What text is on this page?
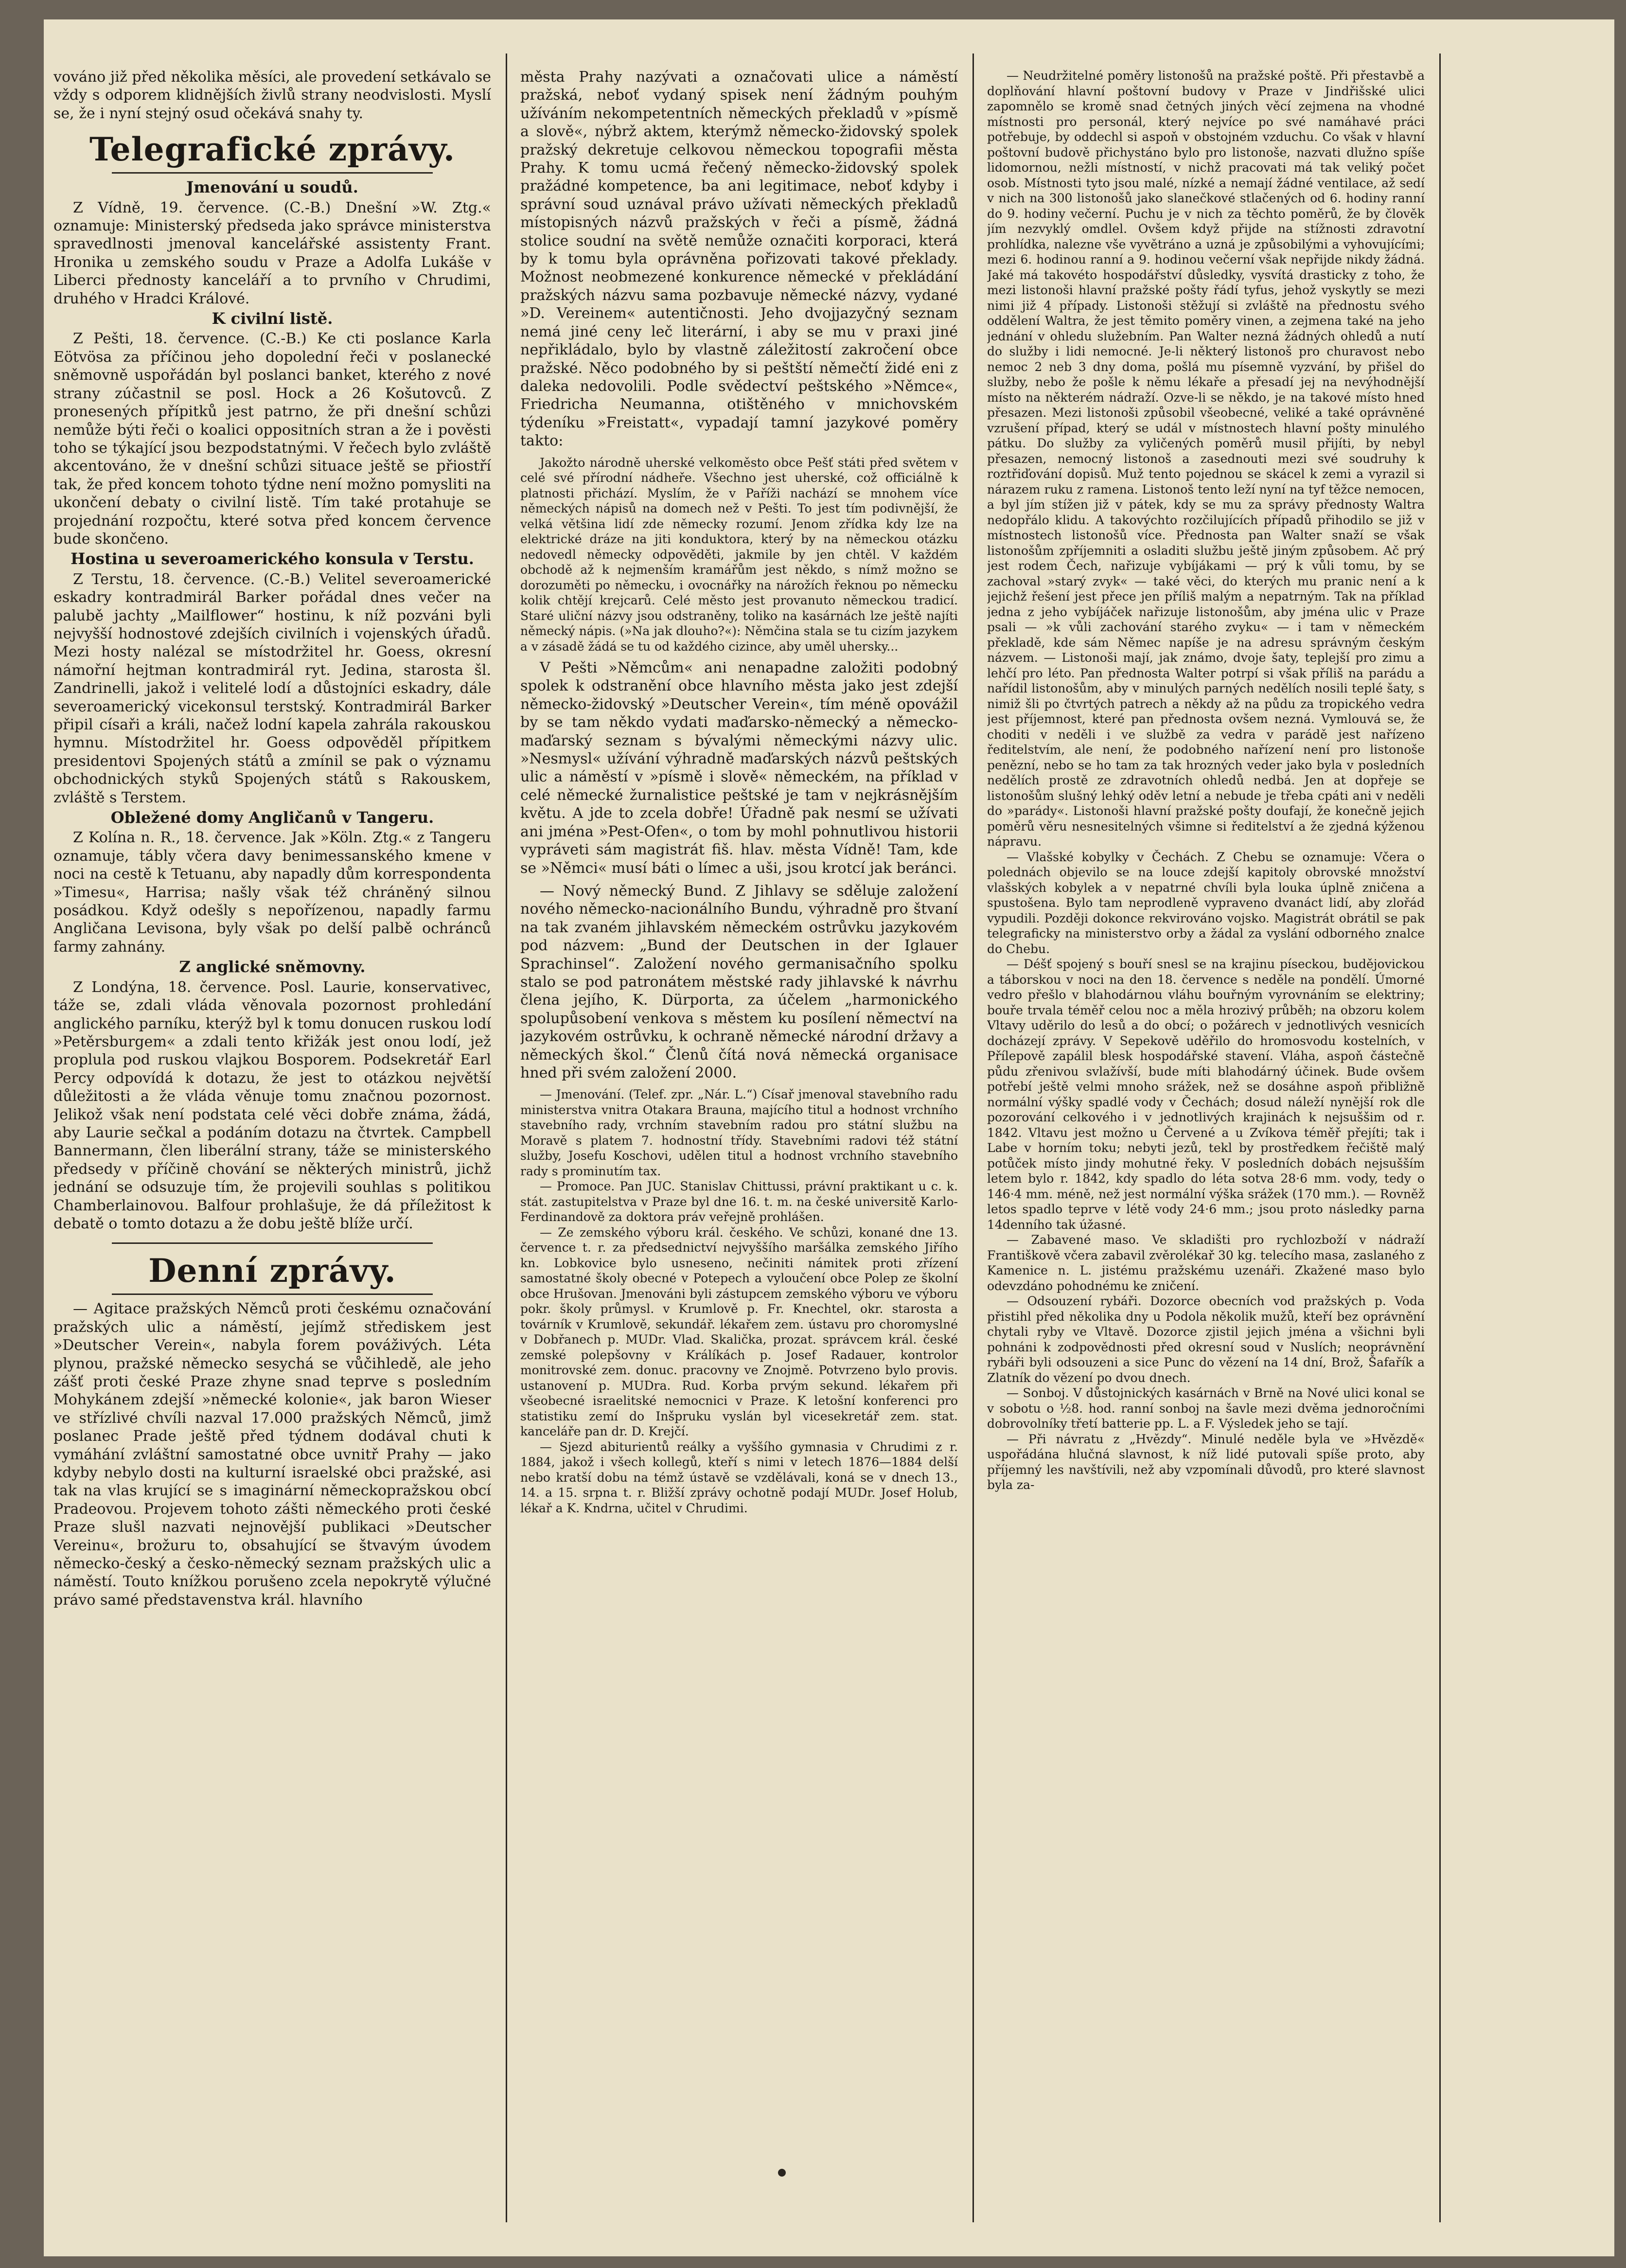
vováno již před několika měsíci, ale provedení setkávalo se vždy s odporem klidnějších živlů strany neodvislosti. Myslí se, že i nyní stejný osud očekává snahy ty.

Telegrafické zprávy.
Jmenování u soudů.

Z Vídně, 19. července. (C.-B.) Dnešní »W. Ztg.« oznamuje: Ministerský předseda jako správce ministerstva spravedlnosti jmenoval kancelářské assistenty Frant. Hronika u zemského soudu v Praze a Adolfa Lukáše v Liberci přednosty kanceláří a to prvního v Chrudimi, druhého v Hradci Králové.

K civilní listě.

Z Pešti, 18. července. (C.-B.) Ke cti poslance Karla Eötvösa za příčinou jeho dopolední řeči v poslanecké sněmovně uspořádán byl poslanci banket, kterého z nové strany zúčastnil se posl. Hock a 26 Košutovců. Z pronesených přípitků jest patrno, že při dnešní schůzi nemůže býti řeči o koalici oppositních stran a že i pověsti toho se týkající jsou bezpodstatnými. V řečech bylo zvláště akcentováno, že v dnešní schůzi situace ještě se přiostří tak, že před koncem tohoto týdne není možno pomysliti na ukončení debaty o civilní listě. Tím také protahuje se projednání rozpočtu, které sotva před koncem července bude skončeno.

Hostina u severoamerického konsula v Terstu.

Z Terstu, 18. července. (C.-B.) Velitel severoamerické eskadry kontradmirál Barker pořádal dnes večer na palubě jachty „Mailflower“ hostinu, k níž pozváni byli nejvyšší hodnostové zdejších civilních i vojenských úřadů. Mezi hosty nalézal se místodržitel hr. Goess, okresní námořní hejtman kontradmirál ryt. Jedina, starosta šl. Zandrinelli, jakož i velitelé lodí a důstojníci eskadry, dále severoamerický vicekonsul terstský. Kontradmirál Barker připil císaři a králi, načež lodní kapela zahrála rakouskou hymnu. Místodržitel hr. Goess odpověděl přípitkem presidentovi Spojených států a zmínil se pak o významu obchodnických styků Spojených států s Rakouskem, zvláště s Terstem.

Obležené domy Angličanů v Tangeru.

Z Kolína n. R., 18. července. Jak »Köln. Ztg.« z Tangeru oznamuje, tábly včera davy benimessanského kmene v noci na cestě k Tetuanu, aby napadly dům korrespondenta »Timesu«, Harrisa; našly však též chráněný silnou posádkou. Když odešly s nepořízenou, napadly farmu Angličana Levisona, byly však po delší palbě ochránců farmy zahnány.

Z anglické sněmovny.

Z Londýna, 18. července. Posl. Laurie, konservativec, táže se, zdali vláda věnovala pozornost prohledání anglického parníku, kterýž byl k tomu donucen ruskou lodí »Petěrsburgem« a zdali tento křižák jest onou lodí, jež proplula pod ruskou vlajkou Bosporem. Podsekretář Earl Percy odpovídá k dotazu, že jest to otázkou největší důležitosti a že vláda věnuje tomu značnou pozornost. Jelikož však není podstata celé věci dobře známa, žádá, aby Laurie sečkal a podáním dotazu na čtvrtek. Campbell Bannermann, člen liberální strany, táže se ministerského předsedy v příčině chování se některých ministrů, jichž jednání se odsuzuje tím, že projevili souhlas s politikou Chamberlainovou. Balfour prohlašuje, že dá příležitost k debatě o tomto dotazu a že dobu ještě blíže určí.

Denní zprávy.

— Agitace pražských Němců proti českému označování pražských ulic a náměstí, jejímž střediskem jest »Deutscher Verein«, nabyla forem pováživých. Léta plynou, pražské německo sesychá se vůčihledě, ale jeho zášť proti české Praze zhyne snad teprve s posledním Mohykánem zdejší »německé kolonie«, jak baron Wieser ve střízlivé chvíli nazval 17.000 pražských Němců, jimž poslanec Prade ještě před týdnem dodával chuti k vymáhání zvláštní samostatné obce uvnitř Prahy — jako kdyby nebylo dosti na kulturní israelské obci pražské, asi tak na vlas krující se s imaginární německopražskou obcí Pradeovou. Projevem tohoto zášti německého proti české Praze slušl nazvati nejnovější publikaci »Deutscher Vereinu«, brožuru to, obsahující se štvavým úvodem německo-český a česko-německý seznam pražských ulic a náměstí. Touto knížkou porušeno zcela nepokrytě výlučné právo samé představenstva král. hlavního

města Prahy nazývati a označovati ulice a náměstí pražská, neboť vydaný spisek není žádným pouhým užíváním nekompetentních německých překladů v »písmě a slově«, nýbrž aktem, kterýmž německo-židovský spolek pražský dekretuje celkovou německou topografii města Prahy. K tomu ucmá řečený německo-židovský spolek pražádné kompetence, ba ani legitimace, neboť kdyby i správní soud uznával právo užívati německých překladů místopisných názvů pražských v řeči a písmě, žádná stolice soudní na světě nemůže označiti korporaci, která by k tomu byla oprávněna pořizovati takové překlady. Možnost neobmezené konkurence německé v překládání pražských názvu sama pozbavuje německé názvy, vydané »D. Vereinem« autentičnosti. Jeho dvojjazyčný seznam nemá jiné ceny leč literární, i aby se mu v praxi jiné nepřikládalo, bylo by vlastně záležitostí zakročení obce pražské. Něco podobného by si peštští němečtí židé eni z daleka nedovolili. Podle svědectví peštského »Němce«, Friedricha Neumanna, otištěného v mnichovském týdeníku »Freistatt«, vypadají tamní jazykové poměry takto:

Jakožto národně uherské velkoměsto obce Pešť státi před světem v celé své přírodní nádheře. Všechno jest uherské, což officiálně k platnosti přichází. Myslím, že v Paříži nachází se mnohem více německých nápisů na domech než v Pešti. To jest tím podivnější, že velká většina lidí zde německy rozumí. Jenom zřídka kdy lze na elektrické dráze na jiti konduktora, který by na německou otázku nedovedl německy odpověděti, jakmile by jen chtěl. V každém obchodě až k nejmenším kramářům jest někdo, s nímž možno se dorozuměti po německu, i ovocnářky na nárožích řeknou po německu kolik chtějí krejcarů. Celé město jest provanuto německou tradicí. Staré uliční názvy jsou odstraněny, toliko na kasárnách lze ještě najíti německý nápis. (»Na jak dlouho?«): Němčina stala se tu cizím jazykem a v zásadě žádá se tu od každého cizince, aby uměl uhersky...

V Pešti »Němcům« ani nenapadne založiti podobný spolek k odstranění obce hlavního města jako jest zdejší německo-židovský »Deutscher Verein«, tím méně opovážil by se tam někdo vydati maďarsko-německý a německo-maďarský seznam s bývalými německými názvy ulic. »Nesmysl« užívání výhradně maďarských názvů peštských ulic a náměstí v »písmě i slově« německém, na příklad v celé německé žurnalistice peštské je tam v nejkrásnějším květu. A jde to zcela dobře! Úřadně pak nesmí se užívati ani jména »Pest-Ofen«, o tom by mohl pohnutlivou historii vypráveti sám magistrát fiš. hlav. města Vídně! Tam, kde se »Němci« musí báti o límec a uši, jsou krotcí jak beránci.

— Nový německý Bund. Z Jihlavy se sděluje založení nového německo-nacionálního Bundu, výhradně pro štvaní na tak zvaném jihlavském německém ostrůvku jazykovém pod názvem: „Bund der Deutschen in der Iglauer Sprachinsel“. Založení nového germanisačního spolku stalo se pod patronátem městské rady jihlavské k návrhu člena jejího, K. Dürporta, za účelem „harmonického spolupůsobení venkova s městem ku posílení němectví na jazykovém ostrůvku, k ochraně německé národní državy a německých škol.“ Členů čítá nová německá organisace hned při svém založení 2000.

— Jmenování. (Telef. zpr. „Nár. L.“) Císař jmenoval stavebního radu ministerstva vnitra Otakara Brauna, majícího titul a hodnost vrchního stavebního rady, vrchním stavebním radou pro státní službu na Moravě s platem 7. hodnostní třídy. Stavebními radovi též státní služby, Josefu Koschovi, udělen titul a hodnost vrchního stavebního rady s prominutím tax.

— Promoce. Pan JUC. Stanislav Chittussi, právní praktikant u c. k. stát. zastupitelstva v Praze byl dne 16. t. m. na české universitě Karlo-Ferdinandově za doktora práv veřejně prohlášen.

— Ze zemského výboru král. českého. Ve schůzi, konané dne 13. července t. r. za předsednictví nejvyššího maršálka zemského Jiřího kn. Lobkovice bylo usneseno, nečiniti námitek proti zřízení samostatné školy obecné v Potepech a vyloučení obce Polep ze školní obce Hrušovan. Jmenováni byli zástupcem zemského výboru ve výboru pokr. školy průmysl. v Krumlově p. Fr. Knechtel, okr. starosta a továrník v Krumlově, sekundář. lékařem zem. ústavu pro choromyslné v Dobřanech p. MUDr. Vlad. Skalička, prozat. správcem král. české zemské polepšovny v Králíkách p. Josef Radauer, kontrolor monitrovské zem. donuc. pracovny ve Znojmě. Potvrzeno bylo provis. ustanovení p. MUDra. Rud. Korba prvým sekund. lékařem při všeobecné israelitské nemocnici v Praze. K letošní konferenci pro statistiku zemí do Inšpruku vyslán byl vicesekretář zem. stat. kanceláře pan dr. D. Krejčí.

— Sjezd abiturientů reálky a vyššího gymnasia v Chrudimi z r. 1884, jakož i všech kollegů, kteří s nimi v letech 1876—1884 delší nebo kratší dobu na témž ústavě se vzdělávali, koná se v dnech 13., 14. a 15. srpna t. r. Bližší zprávy ochotně podají MUDr. Josef Holub, lékař a K. Kndrna, učitel v Chrudimi.

— Neudržitelné poměry listonošů na pražské poště. Při přestavbě a doplňování hlavní poštovní budovy v Praze v Jindřišské ulici zapomnělo se kromě snad četných jiných věcí zejmena na vhodné místnosti pro personál, který nejvíce po své namáhavé práci potřebuje, by oddechl si aspoň v obstojném vzduchu. Co však v hlavní poštovní budově přichystáno bylo pro listonoše, nazvati dlužno spíše lidomornou, nežli místností, v nichž pracovati má tak veliký počet osob. Místnosti tyto jsou malé, nízké a nemají žádné ventilace, až sedí v nich na 300 listonošů jako slanečkové stlačených od 6. hodiny ranní do 9. hodiny večerní. Puchu je v nich za těchto poměrů, že by člověk jím nezvyklý omdlel. Ovšem když přijde na stížnosti zdravotní prohlídka, nalezne vše vyvětráno a uzná je způsobilými a vyhovujícími; mezi 6. hodinou ranní a 9. hodinou večerní však nepřijde nikdy žádná. Jaké má takovéto hospodářství důsledky, vysvítá drasticky z toho, že mezi listonoši hlavní pražské pošty řádí tyfus, jehož vyskytly se mezi nimi již 4 případy. Listonoši stěžují si zvláště na přednostu svého oddělení Waltra, že jest těmito poměry vinen, a zejmena také na jeho jednání v ohledu služebním. Pan Walter nezná žádných ohledů a nutí do služby i lidi nemocné. Je-li některý listonoš pro churavost nebo nemoc 2 neb 3 dny doma, pošlá mu písemně vyzvání, by přišel do služby, nebo že pošle k němu lékaře a přesadí jej na nevýhodnější místo na některém nádraží. Ozve-li se někdo, je na takové místo hned přesazen. Mezi listonoši způsobil všeobecné, veliké a také oprávněné vzrušení případ, který se udál v místnostech hlavní pošty minulého pátku. Do služby za vyličených poměrů musil přijíti, by nebyl přesazen, nemocný listonoš a zasednouti mezi své soudruhy k roztřiďování dopisů. Muž tento pojednou se skácel k zemi a vyrazil si nárazem ruku z ramena. Listonoš tento leží nyní na tyf těžce nemocen, a byl jím stížen již v pátek, kdy se mu za správy přednosty Waltra nedopřálo klidu. A takovýchto rozčilujících případů přihodilo se již v místnostech listonošů více. Přednosta pan Walter snaží se však listonošům zpříjemniti a osladiti službu ještě jiným způsobem. Ač prý jest rodem Čech, nařizuje vybíjákami — prý k vůli tomu, by se zachoval »starý zvyk« — také věci, do kterých mu pranic není a k jejichž řešení jest přece jen příliš malým a nepatrným. Tak na příklad jedna z jeho vybíjáček nařizuje listonošům, aby jména ulic v Praze psali — »k vůli zachování starého zvyku« — i tam v německém překladě, kde sám Němec napíše je na adresu správným českým názvem. — Listonoši mají, jak známo, dvoje šaty, teplejší pro zimu a lehčí pro léto. Pan přednosta Walter potrpí si však příliš na parádu a nařídil listonošům, aby v minulých parných nedělích nosili teplé šaty, s nimiž šli po čtvrtých patrech a někdy až na půdu za tropického vedra jest příjemnost, které pan přednosta ovšem nezná. Vymlouvá se, že choditi v neděli i ve službě za vedra v parádě jest nařízeno ředitelstvím, ale není, že podobného nařízení není pro listonoše penězní, nebo se ho tam za tak hrozných veder jako byla v posledních nedělích prostě ze zdravotních ohledů nedbá. Jen at dopřeje se listonošům slušný lehký oděv letní a nebude je třeba cpáti ani v neděli do »parády«. Listonoši hlavní pražské pošty doufají, že konečně jejich poměrů věru nesnesitelných všimne si ředitelství a že zjedná kýženou nápravu.

— Vlašské kobylky v Čechách. Z Chebu se oznamuje: Včera o polednách objevilo se na louce zdejší kapitoly obrovské množství vlašských kobylek a v nepatrné chvíli byla louka úplně zničena a spustošena. Bylo tam neprodleně vypraveno dvanáct lidí, aby zlořád vypudili. Později dokonce rekvirováno vojsko. Magistrát obrátil se pak telegraficky na ministerstvo orby a žádal za vyslání odborného znalce do Chebu.

— Déšť spojený s bouří snesl se na krajinu píseckou, budějovickou a táborskou v noci na den 18. července s neděle na pondělí. Úmorné vedro přešlo v blahodárnou vláhu bouřným vyrovnáním se elektriny; bouře trvala téměř celou noc a měla hrozivý průběh; na obzoru kolem Vltavy uděrilo do lesů a do obcí; o požárech v jednotlivých vesnicích docházejí zprávy. V Sepekově uděřilo do hromosvodu kostelních, v Přílepově zapálil blesk hospodářské stavení. Vláha, aspoň částečně půdu zřenivou svlažívší, bude míti blahodárný účinek. Bude ovšem potřebí ještě velmi mnoho srážek, než se dosáhne aspoň přibližně normální výšky spadlé vody v Čechách; dosud náleží nynější rok dle pozorování celkového i v jednotlivých krajinách k nejsuššim od r. 1842. Vltavu jest možno u Červené a u Zvíkova téměř přejíti; tak i Labe v horním toku; nebyti jezů, tekl by prostředkem řečiště malý potůček místo jindy mohutné řeky. V posledních dobách nejsušším letem bylo r. 1842, kdy spadlo do léta sotva 28·6 mm. vody, tedy o 146·4 mm. méně, než jest normální výška srážek (170 mm.). — Rovněž letos spadlo teprve v létě vody 24·6 mm.; jsou proto následky parna 14denního tak úžasné.

— Zabavené maso. Ve skladišti pro rychlozboží v nádraží Františkově včera zabavil zvěrolékař 30 kg. telecího masa, zaslaného z Kamenice n. L. jistému pražskému uzenáři. Zkažené maso bylo odevzdáno pohodnému ke zničení.

— Odsouzení rybáři. Dozorce obecních vod pražských p. Voda přistihl před několika dny u Podola několik mužů, kteří bez oprávnění chytali ryby ve Vltavě. Dozorce zjistil jejich jména a všichni byli pohnáni k zodpovědnosti před okresní soud v Nuslích; neoprávnění rybáři byli odsouzeni a sice Punc do vězení na 14 dní, Brož, Šafařík a Zlatník do vězení po dvou dnech.

— Sonboj. V důstojnických kasárnách v Brně na Nové ulici konal se v sobotu o ½8. hod. ranní sonboj na šavle mezi dvěma jednoročními dobrovolníky třetí batterie pp. L. a F. Výsledek jeho se tají.

— Při návratu z „Hvězdy“. Minulé neděle byla ve »Hvězdě« uspořádána hlučná slavnost, k níž lidé putovali spíše proto, aby příjemný les navštívili, než aby vzpomínali důvodů, pro které slavnost byla za-
